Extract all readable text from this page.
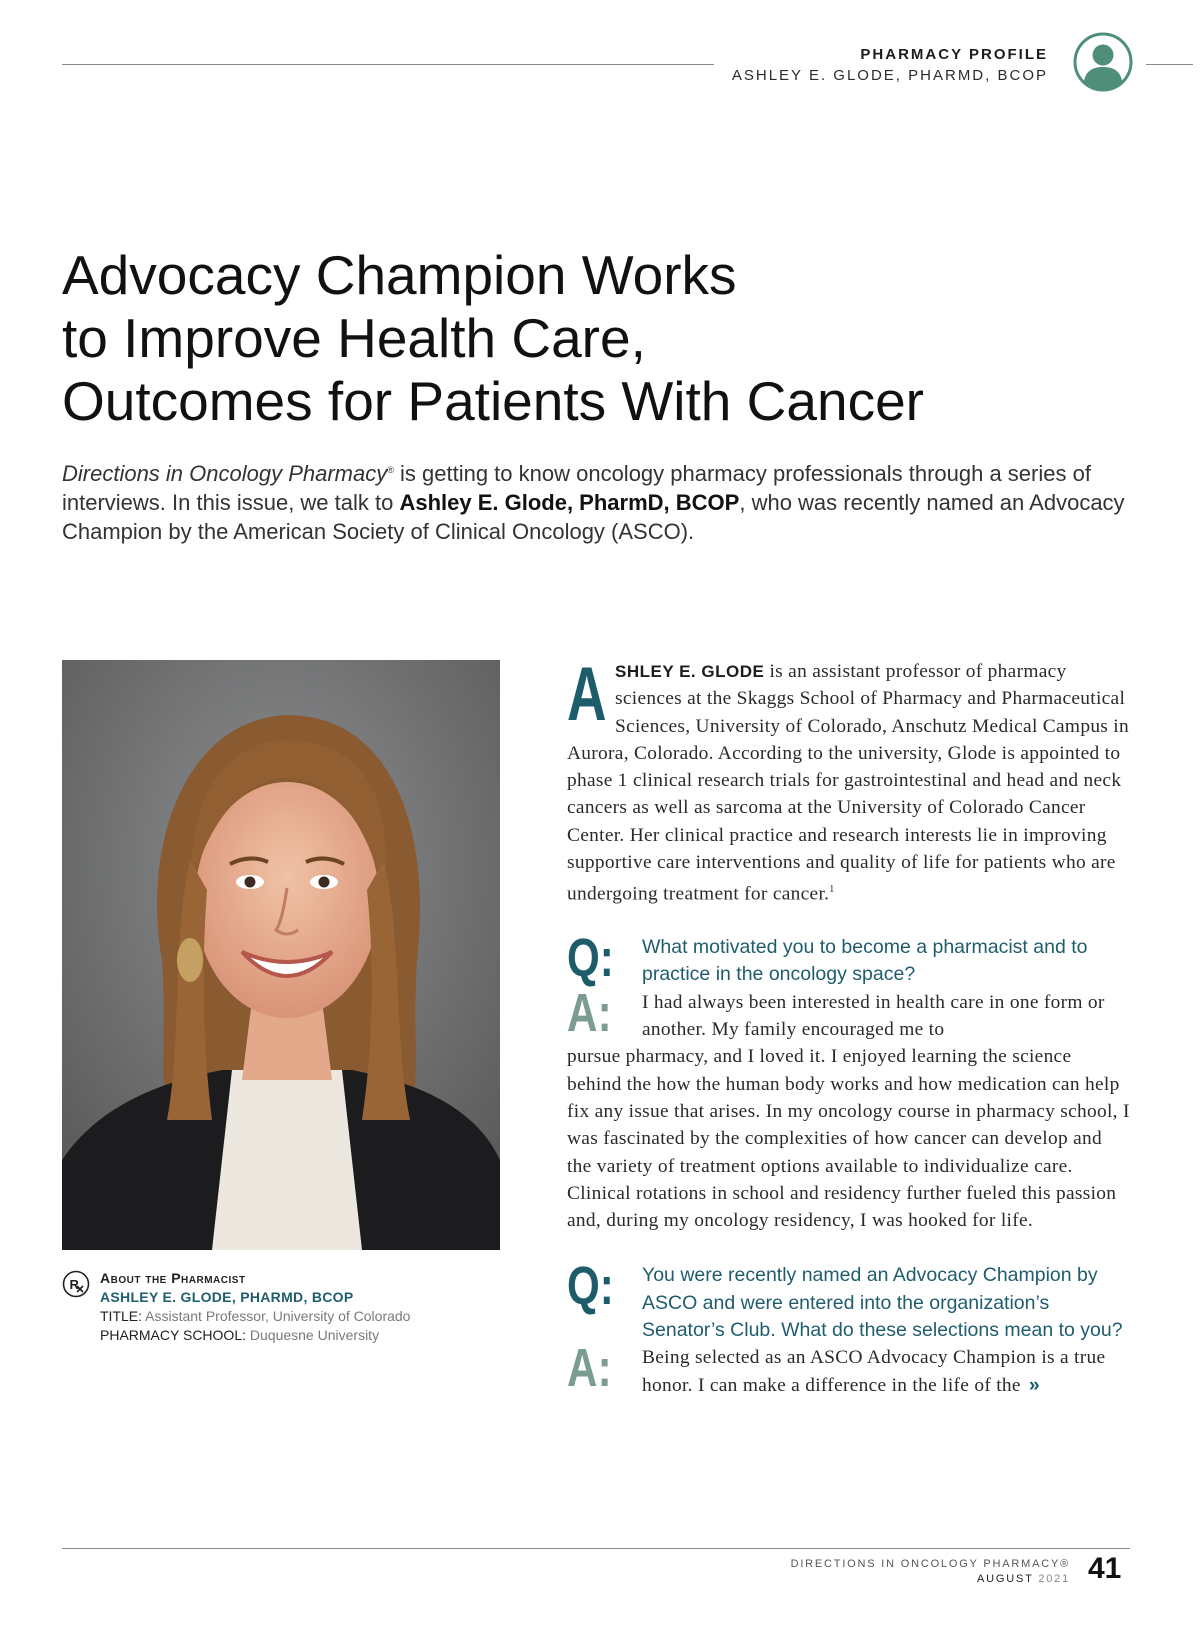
PHARMACY PROFILE
ASHLEY E. GLODE, PHARMD, BCOP
Advocacy Champion Works
to Improve Health Care,
Outcomes for Patients With Cancer

Directions in Oncology Pharmacy® is getting to know oncology pharmacy professionals through a series of interviews. In this issue, we talk to Ashley E. Glode, PharmD, BCOP, who was recently named an Advocacy Champion by the American Society of Clinical Oncology (ASCO).

R About the Pharmacist
ASHLEY E. GLODE, PHARMD, BCOP
TITLE: Assistant Professor, University of Colorado
PHARMACY SCHOOL: Duquesne University

ASHLEY E. GLODE is an assistant professor of pharmacy sciences at the Skaggs School of Pharmacy and Pharmaceutical Sciences, University of Colorado, Anschutz Medical Campus in Aurora, Colorado. According to the university, Glode is appointed to phase 1 clinical research trials for gastrointestinal and head and neck cancers as well as sarcoma at the University of Colorado Cancer Center. Her clinical practice and research interests lie in improving supportive care interventions and quality of life for patients who are undergoing treatment for cancer.$^1$

Q: What motivated you to become a pharmacist and to practice in the oncology space?

A: I had always been interested in health care in one form or another. My family encouraged me to
pursue pharmacy, and I loved it. I enjoyed learning the science behind the how the human body works and how medication can help fix any issue that arises. In my oncology course in pharmacy school, I was fascinated by the complexities of how cancer can develop and the variety of treatment options available to individualize care. Clinical rotations in school and residency further fueled this passion and, during my oncology residency, I was hooked for life.

Q: You were recently named an Advocacy Champion by ASCO and were entered into the organization’s Senator’s Club. What do these selections mean to you?

A: Being selected as an ASCO Advocacy Champion is a true honor. I can make a difference in the life of the »

DIRECTIONS IN ONCOLOGY PHARMACY®
AUGUST 2021 41
